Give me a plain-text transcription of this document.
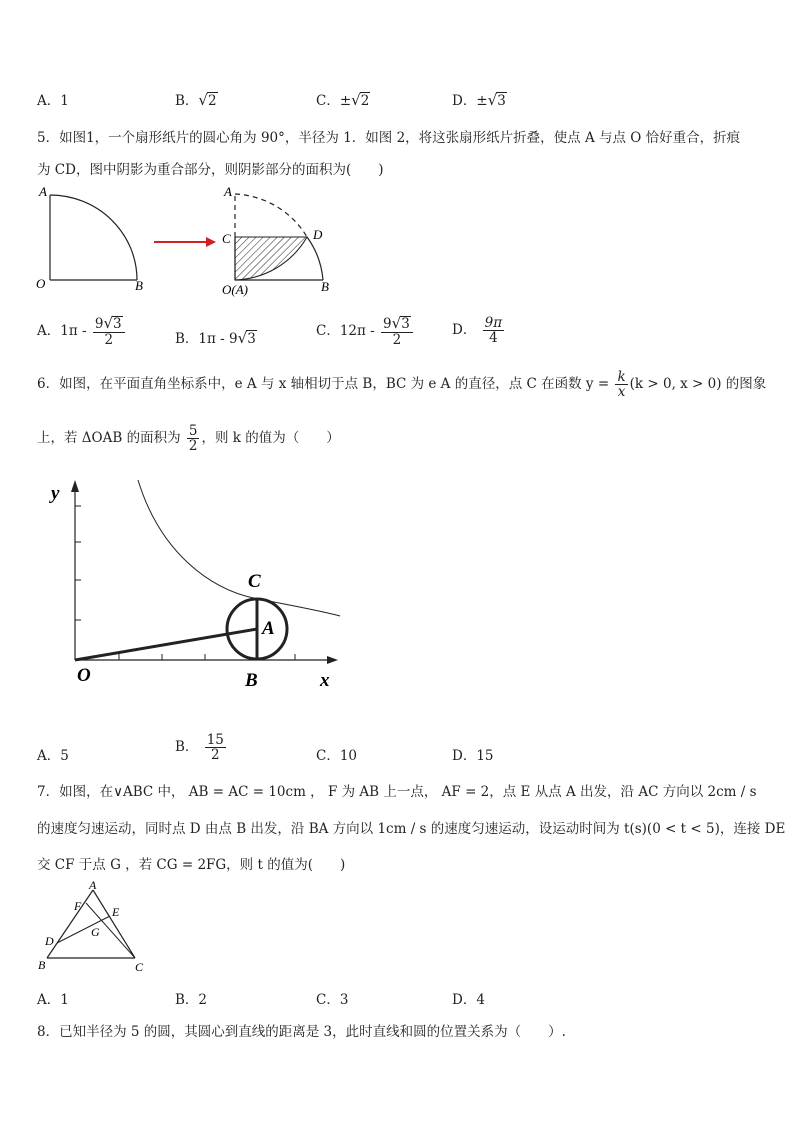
A．1	B．√2	C．±√2	D．±√3
5．如图1，一个扇形纸片的圆心角为 90°，半径为 1．如图 2，将这张扇形纸片折叠，使点 A 与点 O 恰好重合，折痕
为 CD，图中阴影为重合部分，则阴影部分的面积为(　　)
A
O	B
A
C	D
O(A)	B
A．$1\pi - \frac{9√3}{2}$	B．1π - 9√3
C．$12\pi - \frac{9√3}{2}$	D． $\frac{9\pi}{4}$
6．如图，在平面直角坐标系中，e A 与 x 轴相切于点 B，BC 为 e A 的直径，点 C 在函数 $y = \frac{k}{x} (k > 0$, x > 0) 的图象
上，若 ΔOAB 的面积为 $\frac{5}{2}$ ，则 k 的值为（　　）
y
x
O	B
C
A
A．5
B． $\frac{15}{2}$	C．10	D．15
7．如图，在∨ABC 中， AB = AC = 10cm ， F 为 AB 上一点， AF = 2，点 E 从点 A 出发，沿 AC 方向以 2cm / s
的速度匀速运动，同时点 D 由点 B 出发，沿 BA 方向以 1cm / s 的速度匀速运动，设运动时间为 t(s)(0 < t < 5)，连接 DE
交 CF 于点 G ，若 CG = 2FG，则 t 的值为(　　)
A
F	E
G
D
B	C
A．1	B．2	C．3	D．4
8．已知半径为 5 的圆，其圆心到直线的距离是 3，此时直线和圆的位置关系为（　　）.
